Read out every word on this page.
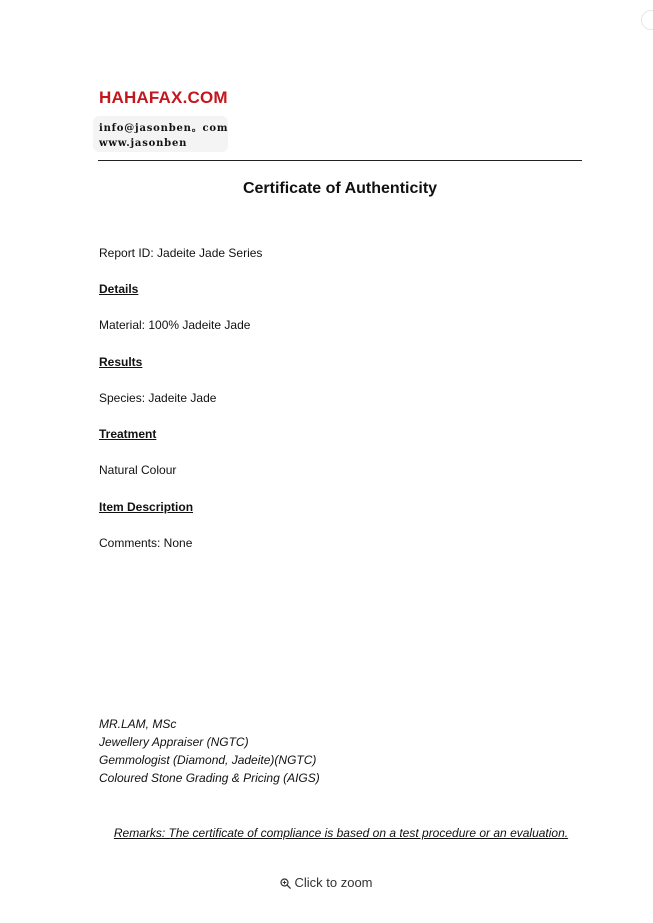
HAHAFAX.COM
info@jasonben。com
www.jasonben
Certificate of Authenticity
Report ID: Jadeite Jade Series
Details
Material: 100% Jadeite Jade
Results
Species: Jadeite Jade
Treatment
Natural Colour
Item Description
Comments: None
MR.LAM, MSc
Jewellery Appraiser (NGTC)
Gemmologist (Diamond, Jadeite)(NGTC)
Coloured Stone Grading & Pricing (AIGS)
Remarks: The certificate of compliance is based on a test procedure or an evaluation.
Click to zoom
